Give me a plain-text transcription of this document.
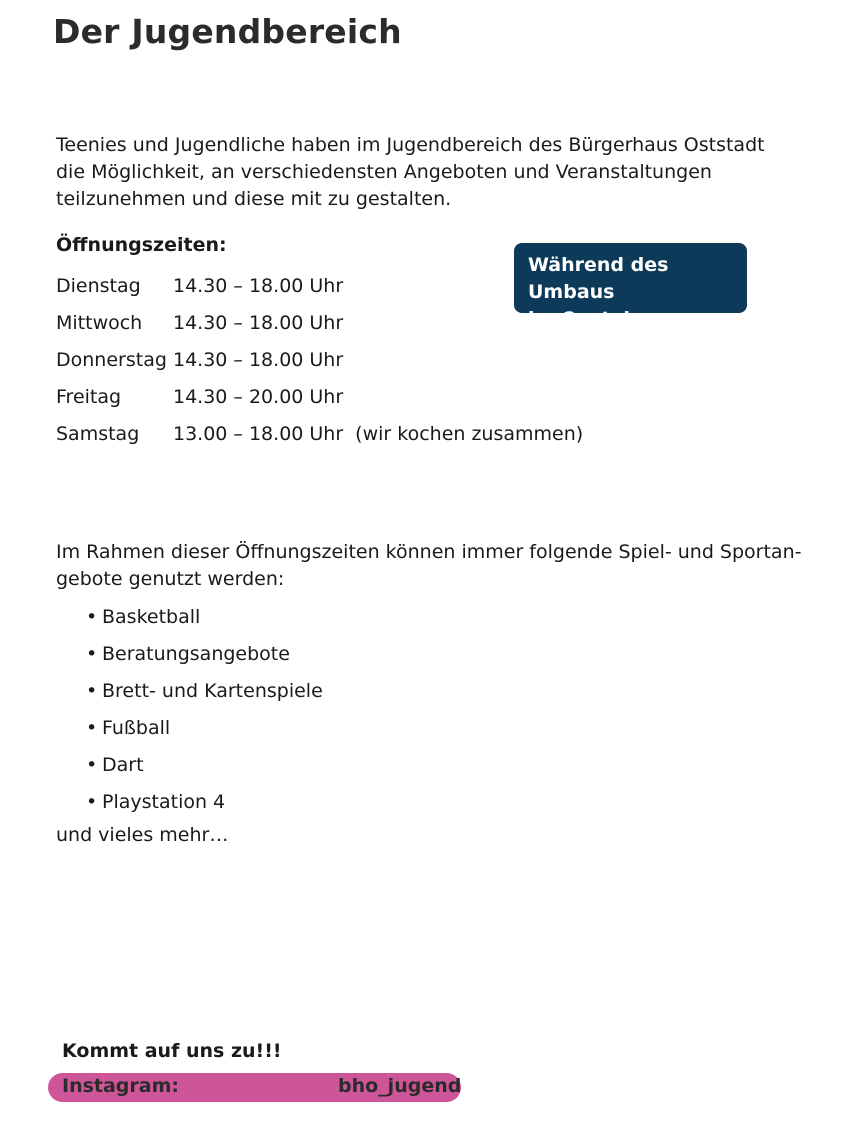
Der Jugendbereich

Teenies und Jugendliche haben im Jugendbereich des Bürgerhaus Oststadt die Möglichkeit, an verschiedensten Angeboten und Veranstaltungen teilzunehmen und diese mit zu gestalten.

Öffnungszeiten:

Dienstag	14.30 – 18.00 Uhr
Mittwoch	14.30 – 18.00 Uhr
Donnerstag 14.30 – 18.00 Uhr
Freitag	14.30 – 20.00 Uhr
Samstag	13.00 – 18.00 Uhr (wir kochen zusammen)
Während des Umbaus
im Container.

Im Rahmen dieser Öffnungszeiten können immer folgende Spiel- und Sportan-gebote genutzt werden:

• Basketball
• Beratungsangebote
• Brett- und Kartenspiele
• Fußball
• Dart
• Playstation 4

und vieles mehr…

Kommt auf uns zu!!!

Instagram:	bho_jugend
